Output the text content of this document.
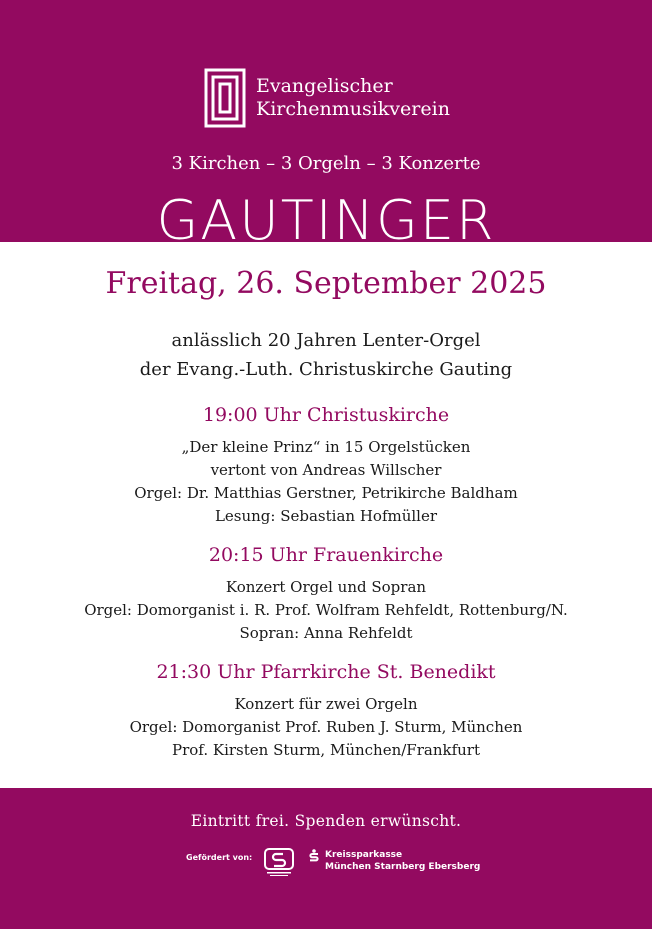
Evangelischer
Kirchenmusikverein
3 Kirchen – 3 Orgeln – 3 Konzerte
GAUTINGER
Freitag, 26. September 2025
anlässlich 20 Jahren Lenter-Orgel
der Evang.-Luth. Christuskirche Gauting
19:00 Uhr Christuskirche
„Der kleine Prinz“ in 15 Orgelstücken
vertont von Andreas Willscher
Orgel: Dr. Matthias Gerstner, Petrikirche Baldham
Lesung: Sebastian Hofmüller
20:15 Uhr Frauenkirche
Konzert Orgel und Sopran
Orgel: Domorganist i. R. Prof. Wolfram Rehfeldt, Rottenburg/N.
Sopran: Anna Rehfeldt
21:30 Uhr Pfarrkirche St. Benedikt
Konzert für zwei Orgeln
Orgel: Domorganist Prof. Ruben J. Sturm, München
Prof. Kirsten Sturm, München/Frankfurt
Eintritt frei. Spenden erwünscht.
Gefördert von:	Kreissparkasse
München Starnberg Ebersberg
